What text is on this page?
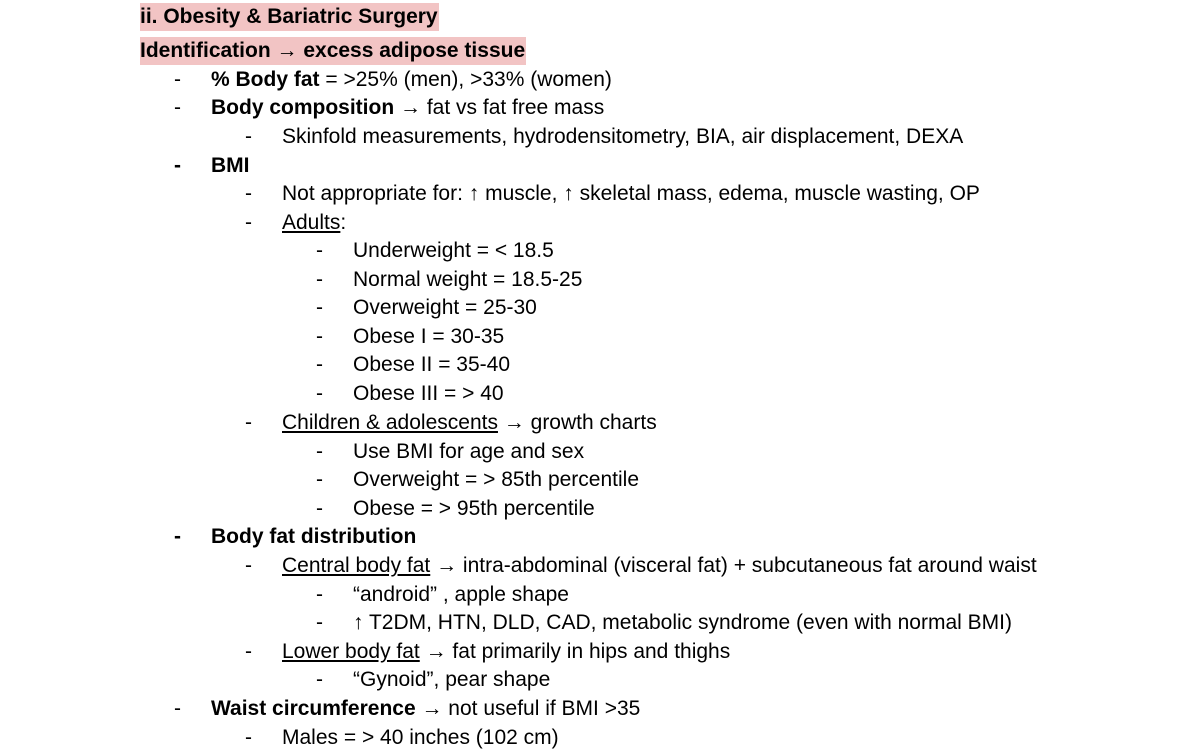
ii. Obesity & Bariatric Surgery
Identification → excess adipose tissue
-	% Body fat = >25% (men), >33% (women)
-	Body composition → fat vs fat free mass
-	Skinfold measurements, hydrodensitometry, BIA, air displacement, DEXA
-	BMI
-	Not appropriate for: ↑ muscle, ↑ skeletal mass, edema, muscle wasting, OP
-	Adults:
-	Underweight = < 18.5
-	Normal weight = 18.5-25
-	Overweight = 25-30
-	Obese I = 30-35
-	Obese II = 35-40
-	Obese III = > 40
-	Children & adolescents → growth charts
-	Use BMI for age and sex
-	Overweight = > 85th percentile
-	Obese = > 95th percentile
-	Body fat distribution
-	Central body fat → intra-abdominal (visceral fat) + subcutaneous fat around waist
-	“android” , apple shape
-	↑ T2DM, HTN, DLD, CAD, metabolic syndrome (even with normal BMI)
-	Lower body fat → fat primarily in hips and thighs
-	“Gynoid”, pear shape
-	Waist circumference → not useful if BMI >35
-	Males = > 40 inches (102 cm)
